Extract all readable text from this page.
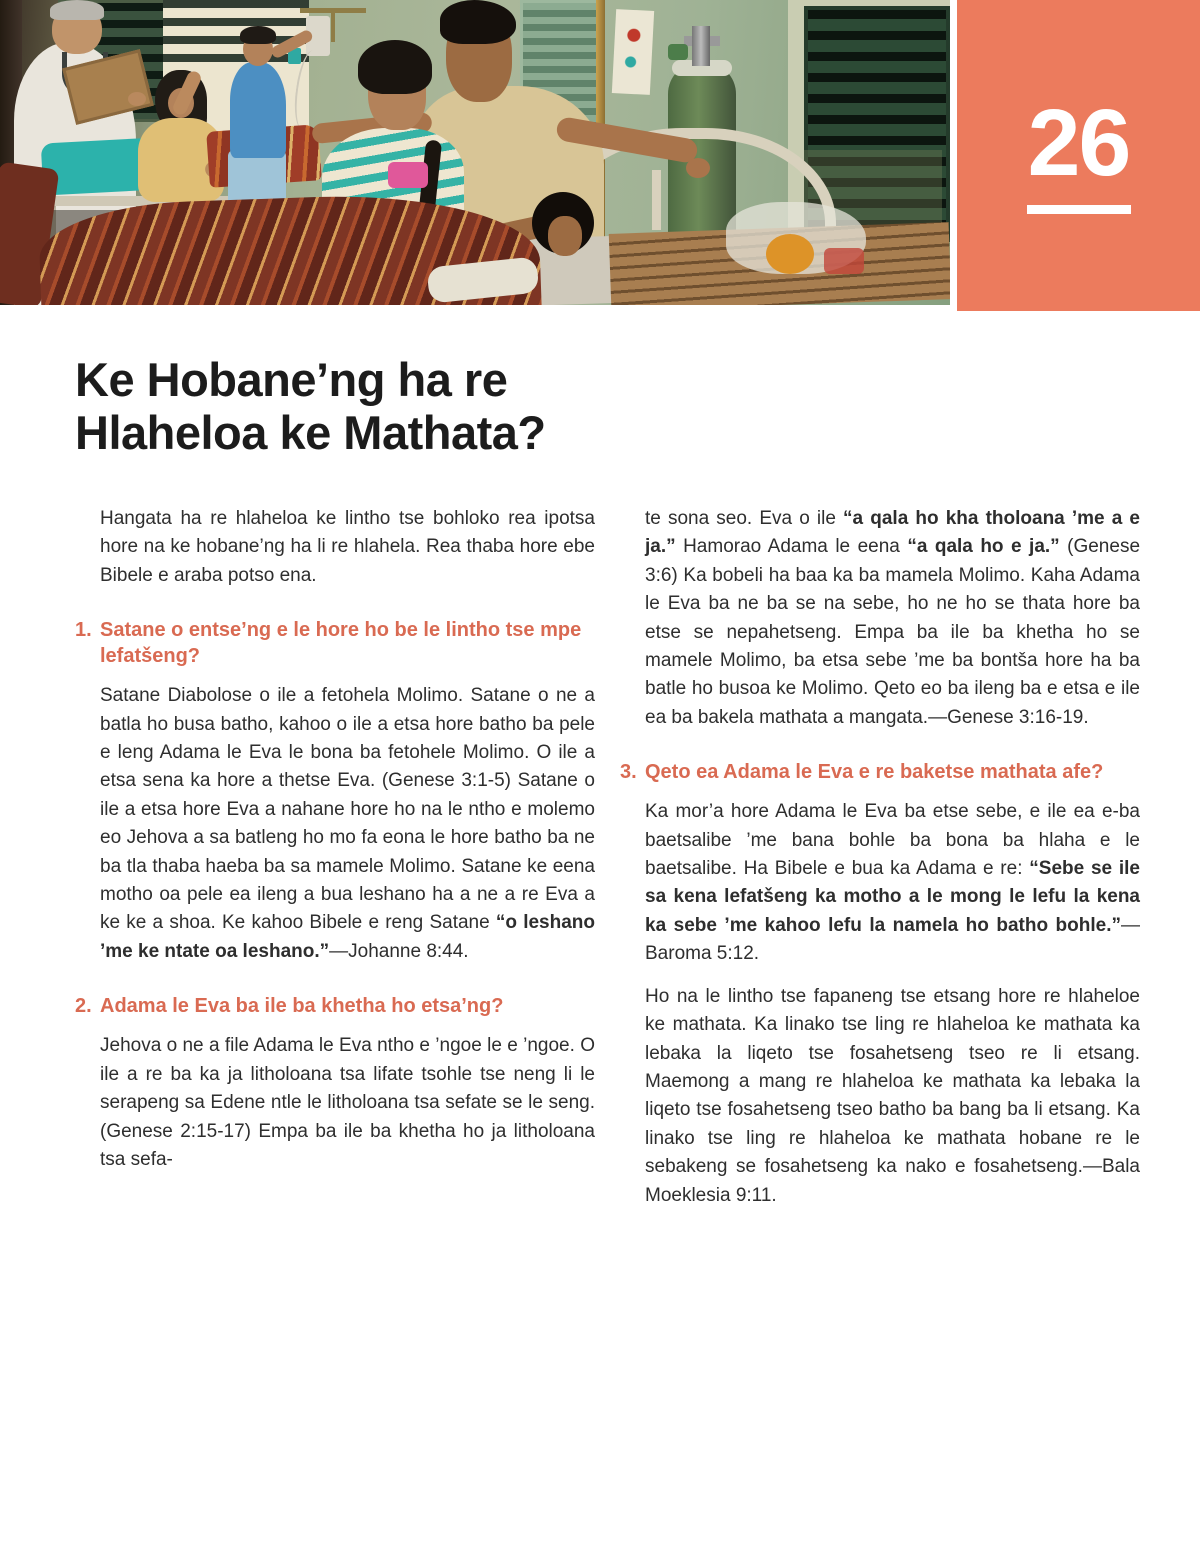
26
Ke Hobane’ng ha re
Hlaheloa ke Mathata?

Hangata ha re hlaheloa ke lintho tse bohloko rea ipotsa hore na ke hobane’ng ha li re hlahela. Rea thaba hore ebe Bibele e araba potso ena.

1. Satane o entse’ng e le hore ho be le lintho tse mpe lefatšeng?

Satane Diabolose o ile a fetohela Molimo. Satane o ne a batla ho busa batho, kahoo o ile a etsa hore batho ba pele e leng Adama le Eva le bona ba fetohele Molimo. O ile a etsa sena ka hore a thetse Eva. (Genese 3:1-5) Satane o ile a etsa hore Eva a nahane hore ho na le ntho e molemo eo Jehova a sa batleng ho mo fa eona le hore batho ba ne ba tla thaba haeba ba sa mamele Molimo. Satane ke eena motho oa pele ea ileng a bua leshano ha a ne a re Eva a ke ke a shoa. Ke kahoo Bibele e reng Satane “o leshano ’me ke ntate oa leshano.”—Johanne 8:44.

2. Adama le Eva ba ile ba khetha ho etsa’ng?

Jehova o ne a file Adama le Eva ntho e ’ngoe le e ’ngoe. O ile a re ba ka ja litholoana tsa lifate tsohle tse neng li le serapeng sa Edene ntle le litholoana tsa sefate se le seng. (Genese 2:15-17) Empa ba ile ba khetha ho ja litholoana tsa sefa-

te sona seo. Eva o ile “a qala ho kha tholoana ’me a e ja.” Hamorao Adama le eena “a qala ho e ja.” (Genese 3:6) Ka bobeli ha baa ka ba mamela Molimo. Kaha Adama le Eva ba ne ba se na sebe, ho ne ho se thata hore ba etse se nepahetseng. Empa ba ile ba khetha ho se mamele Molimo, ba etsa sebe ’me ba bontša hore ha ba batle ho busoa ke Molimo. Qeto eo ba ileng ba e etsa e ile ea ba bakela mathata a mangata.—Genese 3:16-19.

3. Qeto ea Adama le Eva e re baketse mathata afe?

Ka mor’a hore Adama le Eva ba etse sebe, e ile ea e-ba baetsalibe ’me bana bohle ba bona ba hlaha e le baetsalibe. Ha Bibele e bua ka Adama e re: “Sebe se ile sa kena lefatšeng ka motho a le mong le lefu la kena ka sebe ’me kahoo lefu la namela ho batho bohle.”—Baroma 5:12.

Ho na le lintho tse fapaneng tse etsang hore re hlaheloe ke mathata. Ka linako tse ling re hlaheloa ke mathata ka lebaka la liqeto tse fosahetseng tseo re li etsang. Maemong a mang re hlaheloa ke mathata ka lebaka la liqeto tse fosahetseng tseo batho ba bang ba li etsang. Ka linako tse ling re hlaheloa ke mathata hobane re le sebakeng se fosahetseng ka nako e fosahetseng.—Bala Moeklesia 9:11.
